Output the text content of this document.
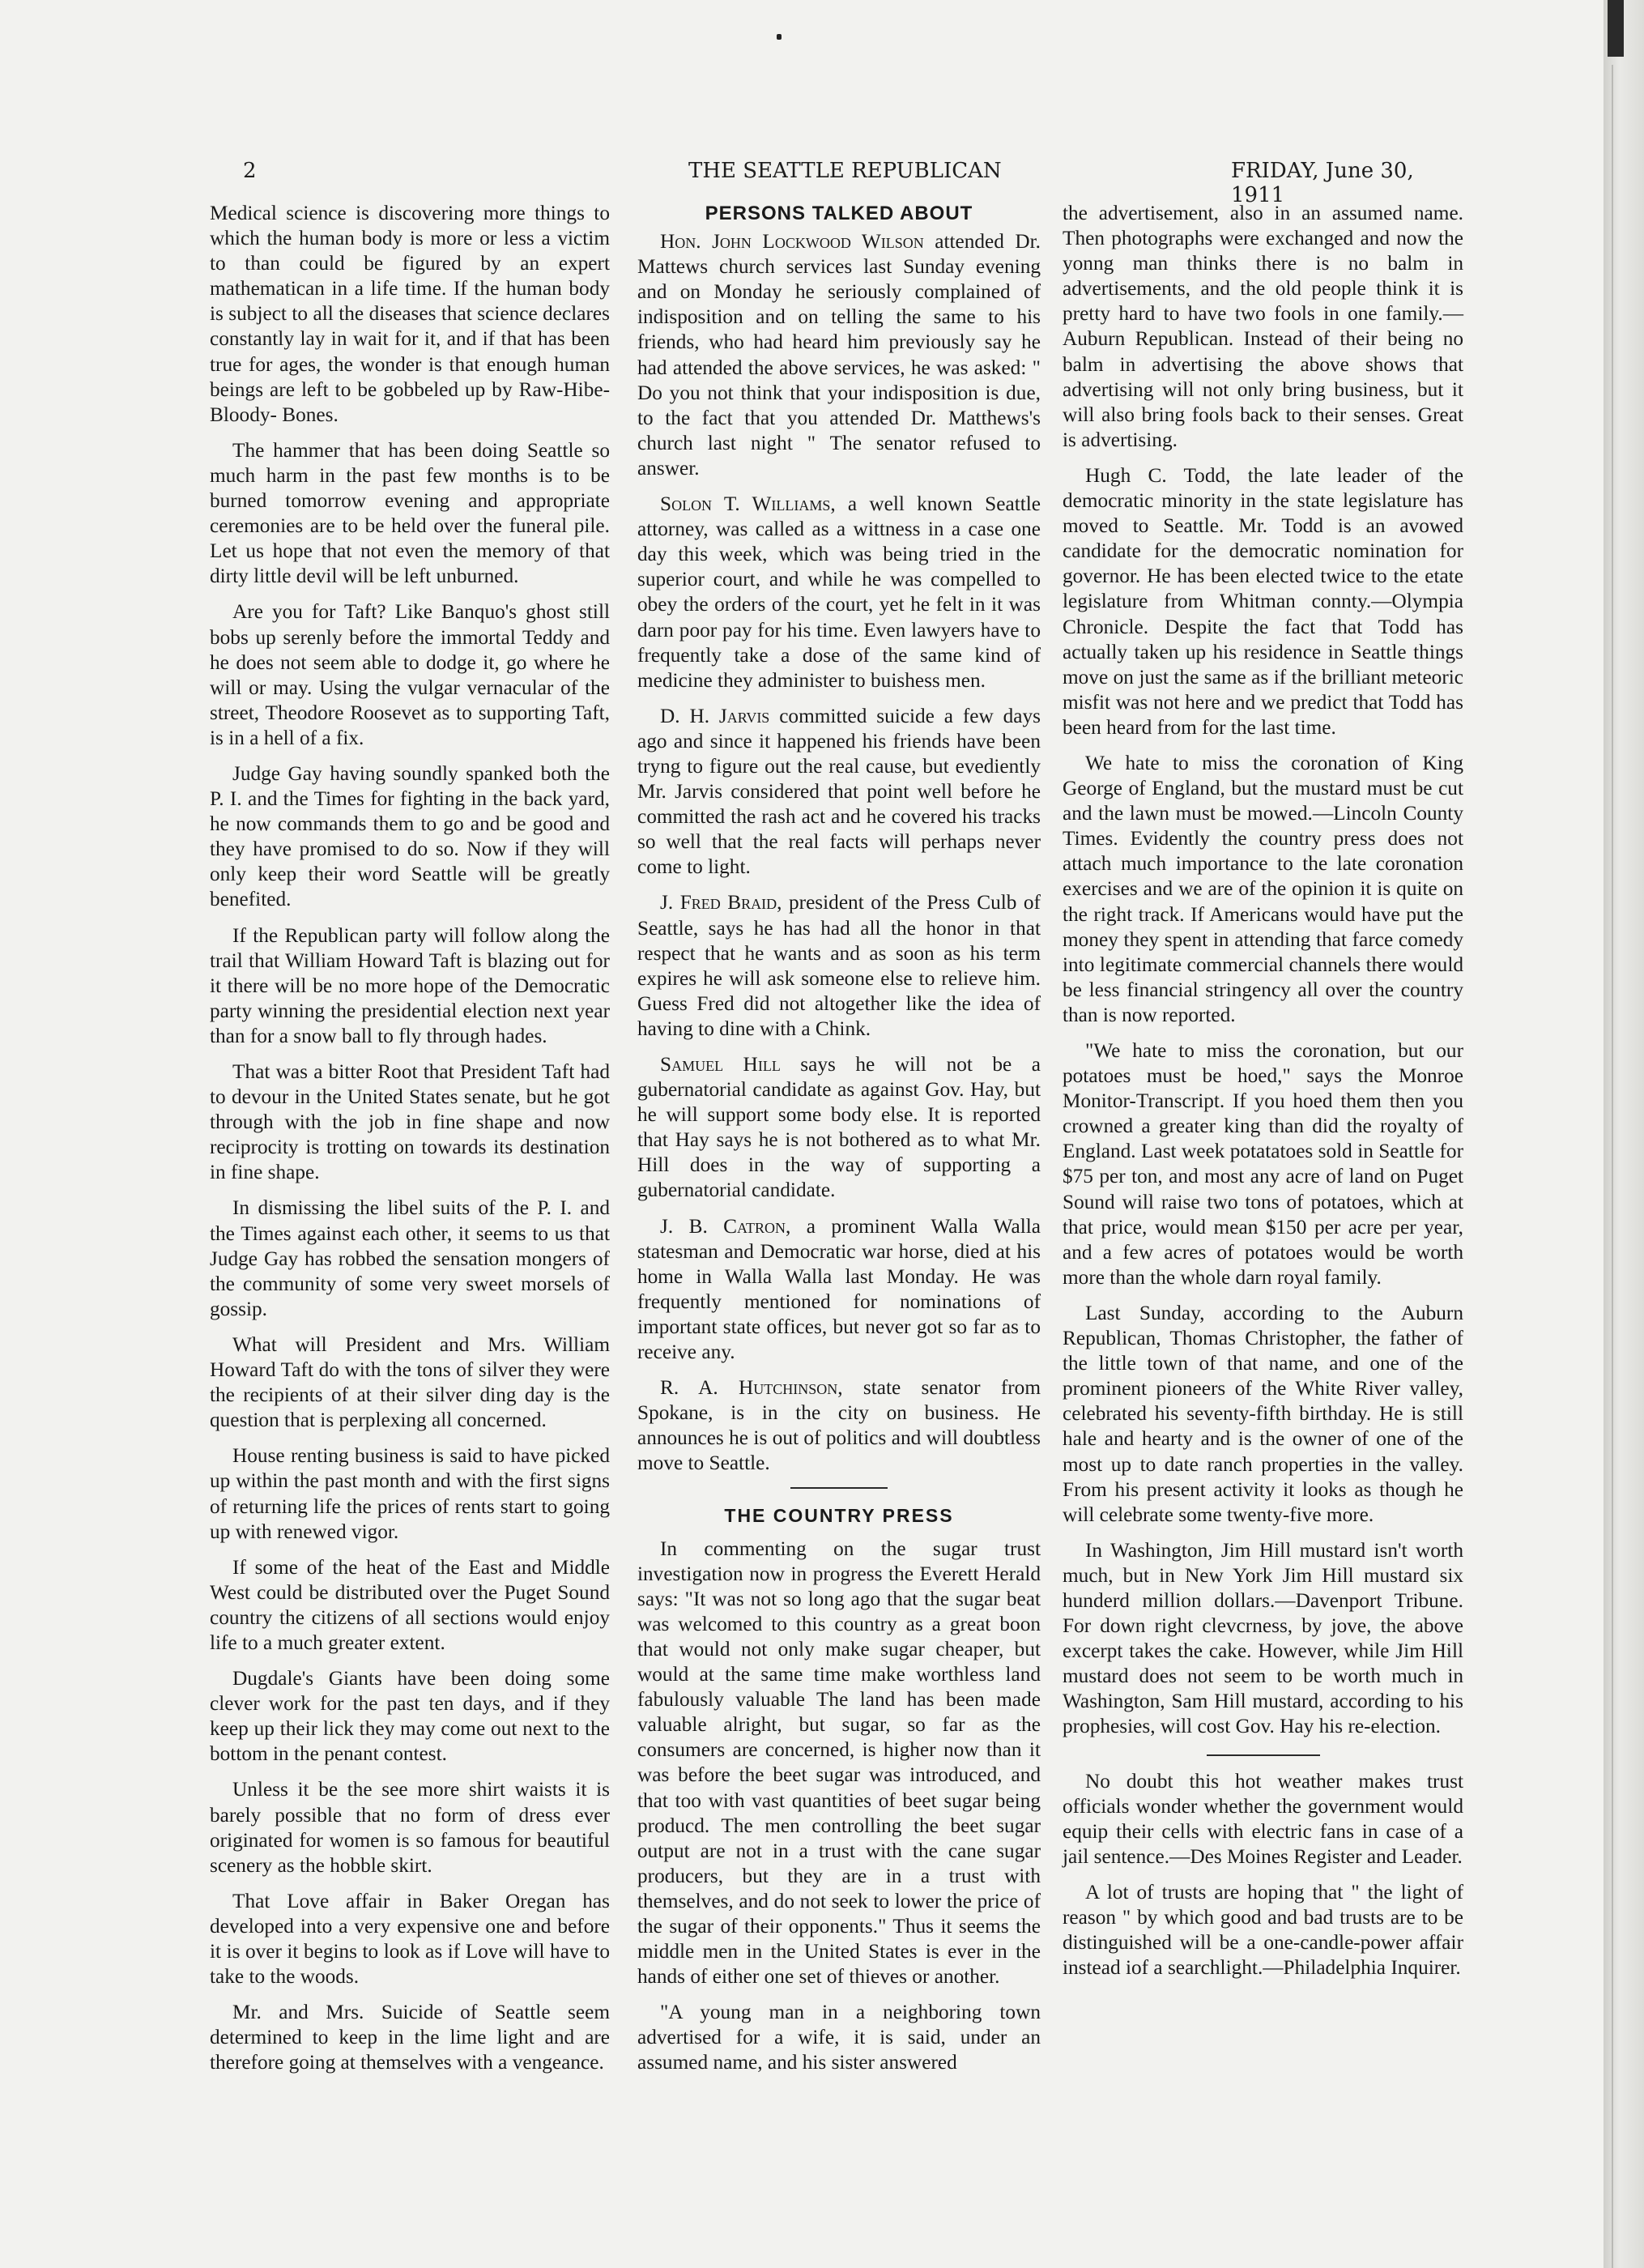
2	THE SEATTLE REPUBLICAN	FRIDAY, June 30, 1911

Medical science is discovering more things to which the human body is more or less a victim to than could be figured by an expert mathematican in a life time. If the human body is subject to all the diseases that science declares constantly lay in wait for it, and if that has been true for ages, the wonder is that enough human beings are left to be gobbeled up by Raw-Hibe-Bloody- Bones.

The hammer that has been doing Seattle so much harm in the past few months is to be burned tomorrow evening and appropriate ceremonies are to be held over the funeral pile. Let us hope that not even the memory of that dirty little devil will be left unburned.

Are you for Taft? Like Banquo's ghost still bobs up serenly before the immortal Teddy and he does not seem able to dodge it, go where he will or may. Using the vulgar vernacular of the street, Theodore Roosevet as to supporting Taft, is in a hell of a fix.

Judge Gay having soundly spanked both the P. I. and the Times for fighting in the back yard, he now commands them to go and be good and they have promised to do so. Now if they will only keep their word Seattle will be greatly benefited.

If the Republican party will follow along the trail that William Howard Taft is blazing out for it there will be no more hope of the Democratic party winning the presidential election next year than for a snow ball to fly through hades.

That was a bitter Root that President Taft had to devour in the United States senate, but he got through with the job in fine shape and now reciprocity is trotting on towards its destination in fine shape.

In dismissing the libel suits of the P. I. and the Times against each other, it seems to us that Judge Gay has robbed the sensation mongers of the community of some very sweet morsels of gossip.

What will President and Mrs. William Howard Taft do with the tons of silver they were the recipients of at their silver ding day is the question that is perplexing all concerned.

House renting business is said to have picked up within the past month and with the first signs of returning life the prices of rents start to going up with renewed vigor.

If some of the heat of the East and Middle West could be distributed over the Puget Sound country the citizens of all sections would enjoy life to a much greater extent.

Dugdale's Giants have been doing some clever work for the past ten days, and if they keep up their lick they may come out next to the bottom in the penant contest.

Unless it be the see more shirt waists it is barely possible that no form of dress ever originated for women is so famous for beautiful scenery as the hobble skirt.

That Love affair in Baker Oregan has developed into a very expensive one and before it is over it begins to look as if Love will have to take to the woods.

Mr. and Mrs. Suicide of Seattle seem determined to keep in the lime light and are therefore going at themselves with a vengeance.

PERSONS TALKED ABOUT

Hon. John Lockwood Wilson attended Dr. Mattews church services last Sunday evening and on Monday he seriously complained of indisposition and on telling the same to his friends, who had heard him previously say he had attended the above services, he was asked: " Do you not think that your indisposition is due, to the fact that you attended Dr. Matthews's church last night " The senator refused to answer.

Solon T. Williams, a well known Seattle attorney, was called as a wittness in a case one day this week, which was being tried in the superior court, and while he was compelled to obey the orders of the court, yet he felt in it was darn poor pay for his time. Even lawyers have to frequently take a dose of the same kind of medicine they administer to buishess men.

D. H. Jarvis committed suicide a few days ago and since it happened his friends have been tryng to figure out the real cause, but evediently Mr. Jarvis considered that point well before he committed the rash act and he covered his tracks so well that the real facts will perhaps never come to light.

J. Fred Braid, president of the Press Culb of Seattle, says he has had all the honor in that respect that he wants and as soon as his term expires he will ask someone else to relieve him. Guess Fred did not altogether like the idea of having to dine with a Chink.

Samuel Hill says he will not be a gubernatorial candidate as against Gov. Hay, but he will support some body else. It is reported that Hay says he is not bothered as to what Mr. Hill does in the way of supporting a gubernatorial candidate.

J. B. Catron, a prominent Walla Walla statesman and Democratic war horse, died at his home in Walla Walla last Monday. He was frequently mentioned for nominations of important state offices, but never got so far as to receive any.

R. A. Hutchinson, state senator from Spokane, is in the city on business. He announces he is out of politics and will doubtless move to Seattle.

THE COUNTRY PRESS

In commenting on the sugar trust investigation now in progress the Everett Herald says: "It was not so long ago that the sugar beat was welcomed to this country as a great boon that would not only make sugar cheaper, but would at the same time make worthless land fabulously valuable The land has been made valuable alright, but sugar, so far as the consumers are concerned, is higher now than it was before the beet sugar was introduced, and that too with vast quantities of beet sugar being producd. The men controlling the beet sugar output are not in a trust with the cane sugar producers, but they are in a trust with themselves, and do not seek to lower the price of the sugar of their opponents." Thus it seems the middle men in the United States is ever in the hands of either one set of thieves or another.

"A young man in a neighboring town advertised for a wife, it is said, under an assumed name, and his sister answered

the advertisement, also in an assumed name. Then photographs were exchanged and now the yonng man thinks there is no balm in advertisements, and the old people think it is pretty hard to have two fools in one family.—Auburn Republican. Instead of their being no balm in advertising the above shows that advertising will not only bring business, but it will also bring fools back to their senses. Great is advertising.

Hugh C. Todd, the late leader of the democratic minority in the state legislature has moved to Seattle. Mr. Todd is an avowed candidate for the democratic nomination for governor. He has been elected twice to the etate legislature from Whitman connty.—Olympia Chronicle. Despite the fact that Todd has actually taken up his residence in Seattle things move on just the same as if the brilliant meteoric misfit was not here and we predict that Todd has been heard from for the last time.

We hate to miss the coronation of King George of England, but the mustard must be cut and the lawn must be mowed.—Lincoln County Times. Evidently the country press does not attach much importance to the late coronation exercises and we are of the opinion it is quite on the right track. If Americans would have put the money they spent in attending that farce comedy into legitimate commercial channels there would be less financial stringency all over the country than is now reported.

"We hate to miss the coronation, but our potatoes must be hoed," says the Monroe Monitor-Transcript. If you hoed them then you crowned a greater king than did the royalty of England. Last week potatatoes sold in Seattle for $75 per ton, and most any acre of land on Puget Sound will raise two tons of potatoes, which at that price, would mean $150 per acre per year, and a few acres of potatoes would be worth more than the whole darn royal family.

Last Sunday, according to the Auburn Republican, Thomas Christopher, the father of the little town of that name, and one of the prominent pioneers of the White River valley, celebrated his seventy-fifth birthday. He is still hale and hearty and is the owner of one of the most up to date ranch properties in the valley. From his present activity it looks as though he will celebrate some twenty-five more.

In Washington, Jim Hill mustard isn't worth much, but in New York Jim Hill mustard six hunderd million dollars.—Davenport Tribune. For down right clevcrness, by jove, the above excerpt takes the cake. However, while Jim Hill mustard does not seem to be worth much in Washington, Sam Hill mustard, according to his prophesies, will cost Gov. Hay his re-election.

No doubt this hot weather makes trust officials wonder whether the government would equip their cells with electric fans in case of a jail sentence.—Des Moines Register and Leader.

A lot of trusts are hoping that " the light of reason " by which good and bad trusts are to be distinguished will be a one-candle-power affair instead iof a searchlight.—Philadelphia Inquirer.
